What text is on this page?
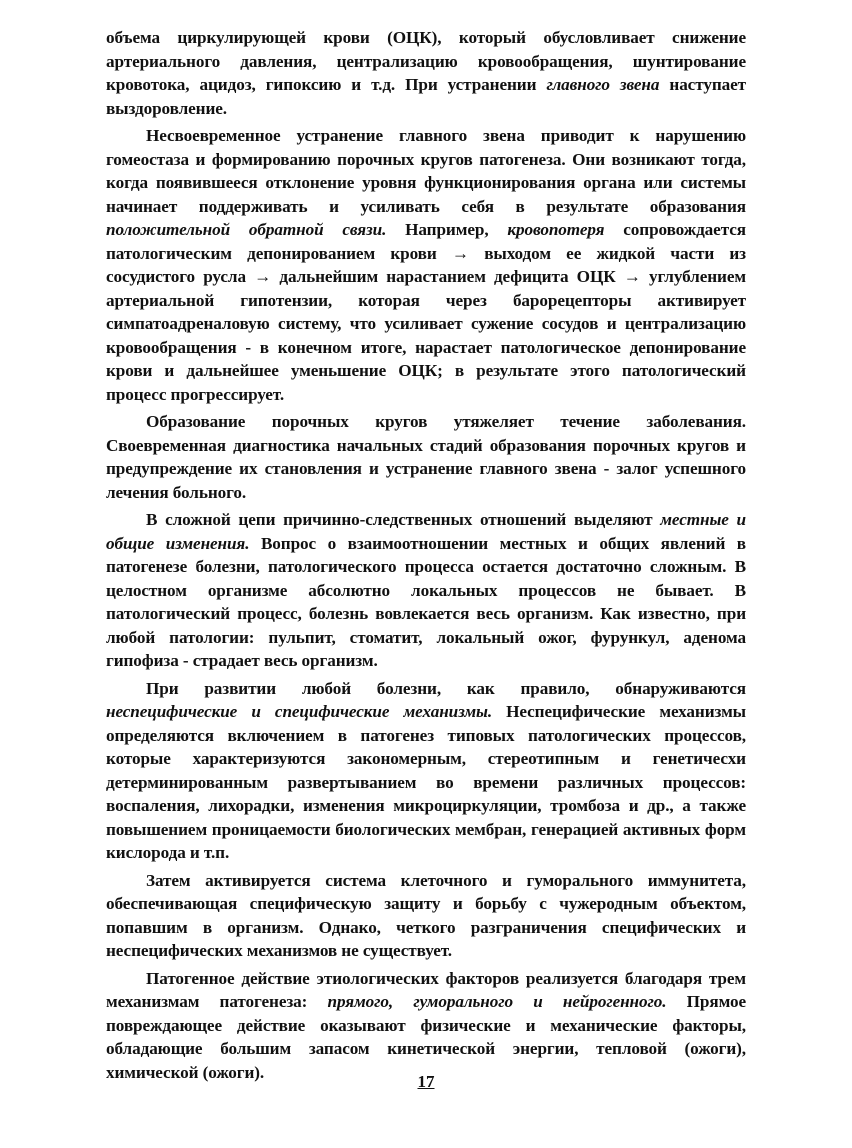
объема циркулирующей крови (ОЦК), который обусловливает снижение артериального давления, централизацию кровообращения, шунтирование кровотока, ацидоз, гипоксию и т.д. При устранении главного звена наступает выздоровление.

Несвоевременное устранение главного звена приводит к нарушению гомеостаза и формированию порочных кругов патогенеза. Они возникают тогда, когда появившееся отклонение уровня функционирования органа или системы начинает поддерживать и усиливать себя в результате образования положительной обратной связи. Например, кровопотеря сопровождается патологическим депонированием крови → выходом ее жидкой части из сосудистого русла → дальнейшим нарастанием дефицита ОЦК → углублением артериальной гипотензии, которая через барорецепторы активирует симпатоадреналовую систему, что усиливает сужение сосудов и централизацию кровообращения - в конечном итоге, нарастает патологическое депонирование крови и дальнейшее уменьшение ОЦК; в результате этого патологический процесс прогрессирует.

Образование порочных кругов утяжеляет течение заболевания. Своевременная диагностика начальных стадий образования порочных кругов и предупреждение их становления и устранение главного звена - залог успешного лечения больного.

В сложной цепи причинно-следственных отношений выделяют местные и общие изменения. Вопрос о взаимоотношении местных и общих явлений в патогенезе болезни, патологического процесса остается достаточно сложным. В целостном организме абсолютно локальных процессов не бывает. В патологический процесс, болезнь вовлекается весь организм. Как известно, при любой патологии: пульпит, стоматит, локальный ожог, фурункул, аденома гипофиза - страдает весь организм.

При развитии любой болезни, как правило, обнаруживаются неспецифические и специфические механизмы. Неспецифические механизмы определяются включением в патогенез типовых патологических процессов, которые характеризуются закономерным, стереотипным и генетичесхи детерминированным развертыванием во времени различных процессов: воспаления, лихорадки, изменения микроциркуляции, тромбоза и др., а также повышением проницаемости биологических мембран, генерацией активных форм кислорода и т.п.

Затем активируется система клеточного и гуморального иммунитета, обеспечивающая специфическую защиту и борьбу с чужеродным объектом, попавшим в организм. Однако, четкого разграничения специфических и неспецифических механизмов не существует.

Патогенное действие этиологических факторов реализуется благодаря трем механизмам патогенеза: прямого, гуморального и нейрогенного. Прямое повреждающее действие оказывают физические и механические факторы, обладающие большим запасом кинетической энергии, тепловой (ожоги), химической (ожоги).	17
